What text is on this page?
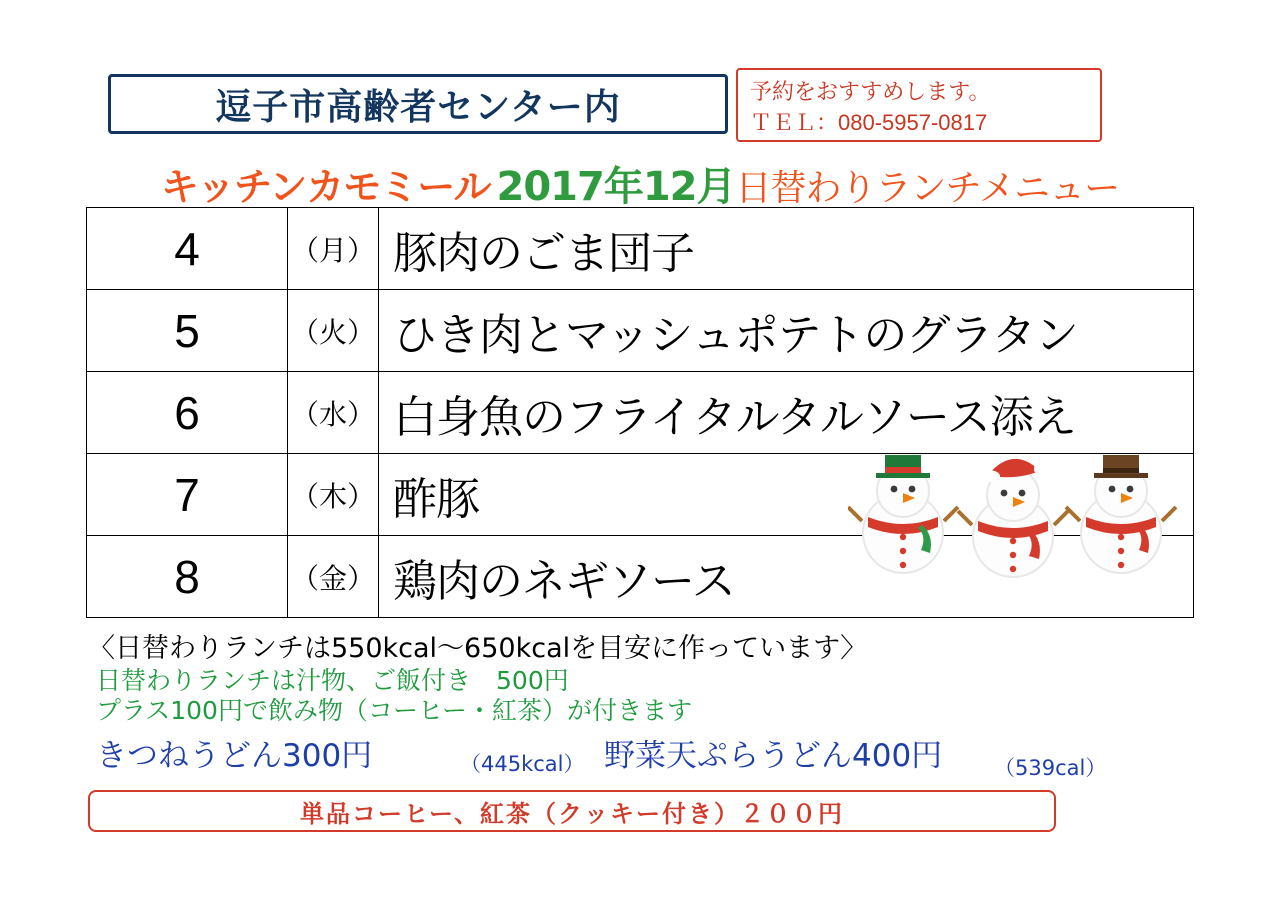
逗子市高齢者センター内	予約をおすすめします。
ＴＥＬ：080-5957-0817
キッチンカモミール 2017年12月日替わりランチメニュー
4	（月）	豚肉のごま団子
5	（火）	ひき肉とマッシュポテトのグラタン
6	（水）	白身魚のフライタルタルソース添え
7	（木）	酢豚
8	（金）	鶏肉のネギソース
〈日替わりランチは550kcal〜650kcalを目安に作っています〉
日替わりランチは汁物、ご飯付き　500円
プラス100円で飲み物（コーヒー・紅茶）が付きます
きつねうどん300円	（445kcal） 野菜天ぷらうどん400円 （539cal）
単品コーヒー、紅茶（クッキー付き）２００円
